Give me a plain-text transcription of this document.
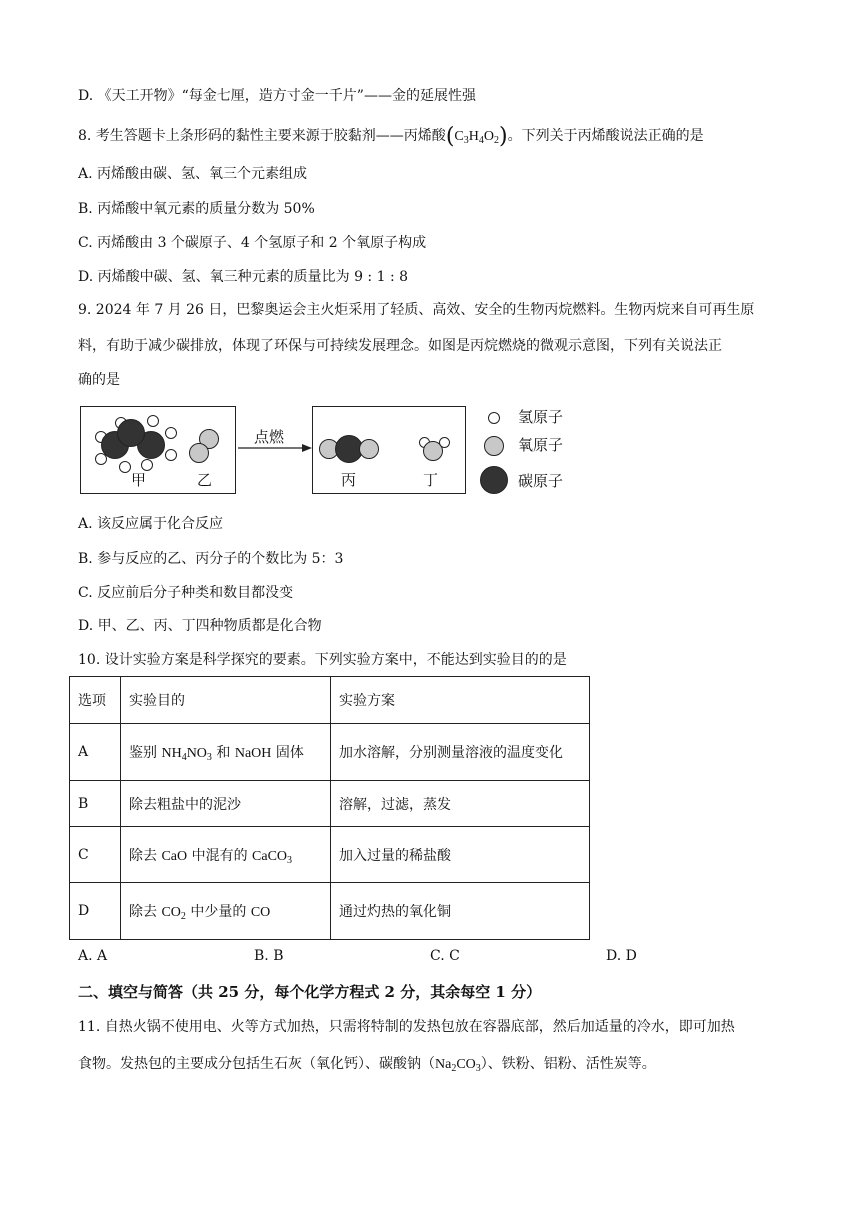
D. 《天工开物》“每金七厘，造方寸金一千片”——金的延展性强
8. 考生答题卡上条形码的黏性主要来源于胶黏剂——丙烯酸$(C_3H_4O_2)$。下列关于丙烯酸说法正确的是
A. 丙烯酸由碳、氢、氧三个元素组成
B. 丙烯酸中氧元素的质量分数为 50%
C. 丙烯酸由 3 个碳原子、4 个氢原子和 2 个氧原子构成
D. 丙烯酸中碳、氢、氧三种元素的质量比为 9 : 1 : 8
9. 2024 年 7 月 26 日，巴黎奥运会主火炬采用了轻质、高效、安全的生物丙烷燃料。生物丙烷来自可再生原
料，有助于减少碳排放，体现了环保与可持续发展理念。如图是丙烷燃烧的微观示意图，下列有关说法正
确的是
甲	乙
点燃
丙	丁
氢原子
氧原子
碳原子
A. 该反应属于化合反应
B. 参与反应的乙、丙分子的个数比为 5：3
C. 反应前后分子种类和数目都没变
D. 甲、乙、丙、丁四种物质都是化合物
10. 设计实验方案是科学探究的要素。下列实验方案中，不能达到实验目的的是
选项	实验目的	实验方案
A	鉴别 $NH_4NO_3$ 和 NaOH 固体	加水溶解，分别测量溶液的温度变化
B	除去粗盐中的泥沙	溶解，过滤，蒸发
C	除去 CaO 中混有的 CaCO$_3$	加入过量的稀盐酸
D	除去 $CO_2$ 中少量的 CO	通过灼热的氧化铜
A. A	B. B	C. C	D. D
二、填空与简答（共 25 分，每个化学方程式 2 分，其余每空 1 分）
11. 自热火锅不使用电、火等方式加热，只需将特制的发热包放在容器底部，然后加适量的冷水，即可加热
食物。发热包的主要成分包括生石灰（氧化钙）、碳酸钠$(Na_2CO_3)$、铁粉、铝粉、活性炭等。
